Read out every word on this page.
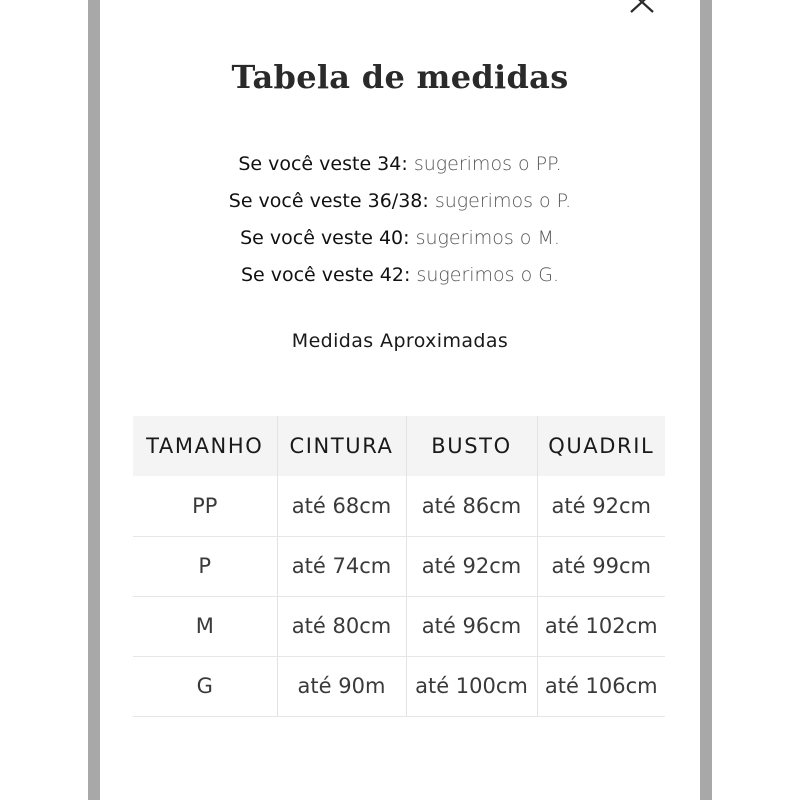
Tabela de medidas
Se você veste 34: sugerimos o PP.
Se você veste 36/38: sugerimos o P.
Se você veste 40: sugerimos o M.
Se você veste 42: sugerimos o G.
Medidas Aproximadas
TAMANHO	CINTURA	BUSTO	QUADRIL
PP	até 68cm	até 86cm	até 92cm
P	até 74cm	até 92cm	até 99cm
M	até 80cm	até 96cm	até 102cm
G	até 90m	até 100cm	até 106cm
